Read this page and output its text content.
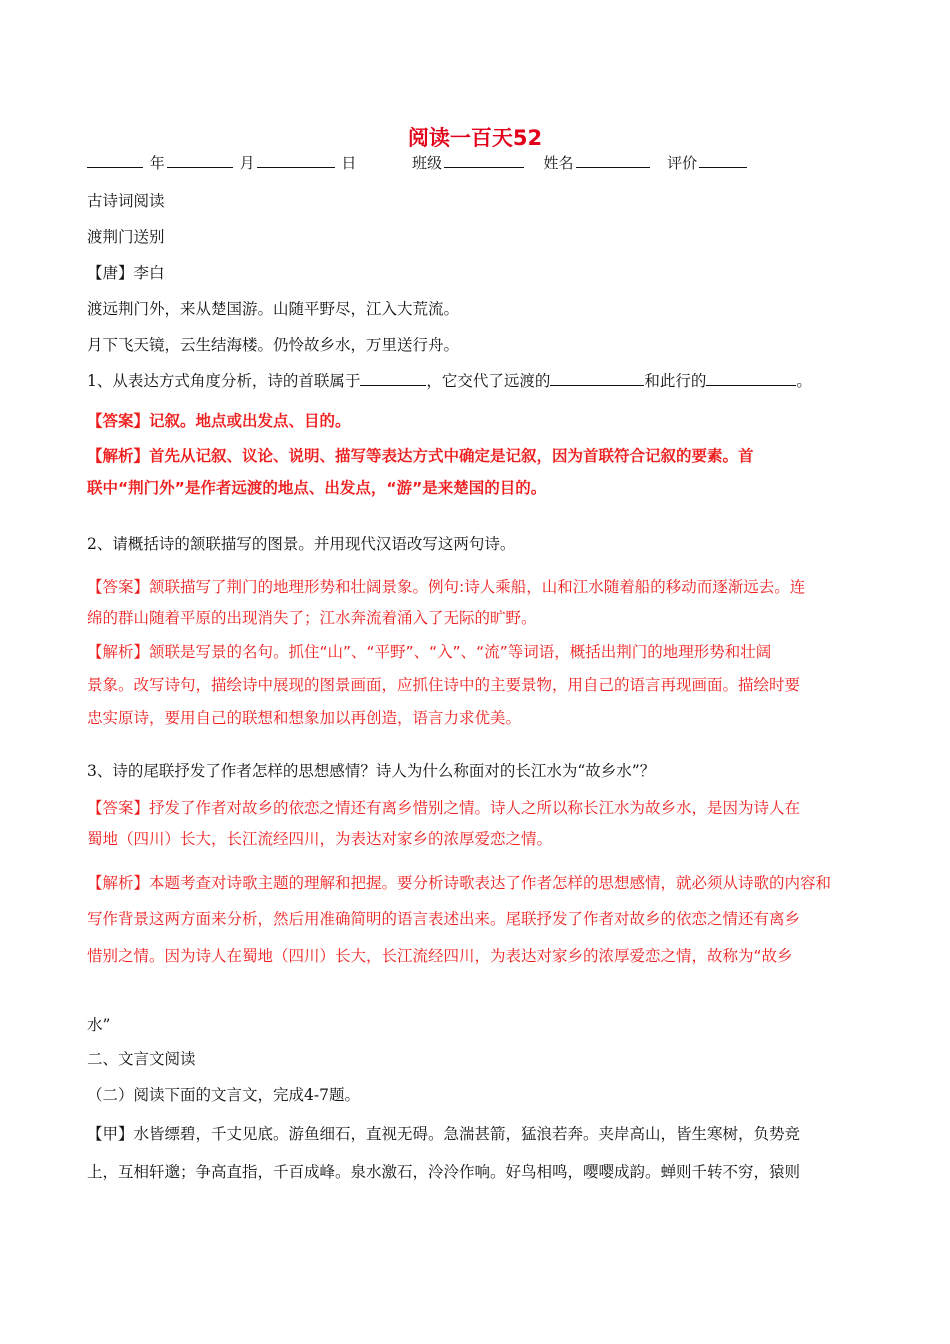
阅读一百天52
年	月	日	班级	姓名	评价
古诗词阅读
渡荆门送别
【唐】李白
渡远荆门外，来从楚国游。山随平野尽，江入大荒流。
月下飞天镜，云生结海楼。仍怜故乡水，万里送行舟。
1、从表达方式角度分析，诗的首联属于	，它交代了远渡的	和此行的	。
【答案】记叙。地点或出发点、目的。
【解析】首先从记叙、议论、说明、描写等表达方式中确定是记叙，因为首联符合记叙的要素。首
联中“荆门外”是作者远渡的地点、出发点，“游”是来楚国的目的。
2、请概括诗的颔联描写的图景。并用现代汉语改写这两句诗。
【答案】颔联描写了荆门的地理形势和壮阔景象。例句:诗人乘船，山和江水随着船的移动而逐渐远去。连
绵的群山随着平原的出现消失了；江水奔流着涌入了无际的旷野。
【解析】颔联是写景的名句。抓住“山”、“平野”、“入”、“流”等词语，概括出荆门的地理形势和壮阔
景象。改写诗句，描绘诗中展现的图景画面，应抓住诗中的主要景物，用自己的语言再现画面。描绘时要
忠实原诗，要用自己的联想和想象加以再创造，语言力求优美。
3、诗的尾联抒发了作者怎样的思想感情？诗人为什么称面对的长江水为“故乡水”？
【答案】抒发了作者对故乡的依恋之情还有离乡惜别之情。诗人之所以称长江水为故乡水，是因为诗人在
蜀地（四川）长大，长江流经四川，为表达对家乡的浓厚爱恋之情。
【解析】本题考查对诗歌主题的理解和把握。要分析诗歌表达了作者怎样的思想感情，就必须从诗歌的内容和
写作背景这两方面来分析，然后用准确简明的语言表述出来。尾联抒发了作者对故乡的依恋之情还有离乡
惜别之情。因为诗人在蜀地（四川）长大，长江流经四川，为表达对家乡的浓厚爱恋之情，故称为“故乡
水”
二、文言文阅读
（二）阅读下面的文言文，完成4-7题。
【甲】水皆缥碧，千丈见底。游鱼细石，直视无碍。急湍甚箭，猛浪若奔。夹岸高山，皆生寒树，负势竞
上，互相轩邈；争高直指，千百成峰。泉水激石，泠泠作响。好鸟相鸣，嘤嘤成韵。蝉则千转不穷，猿则
